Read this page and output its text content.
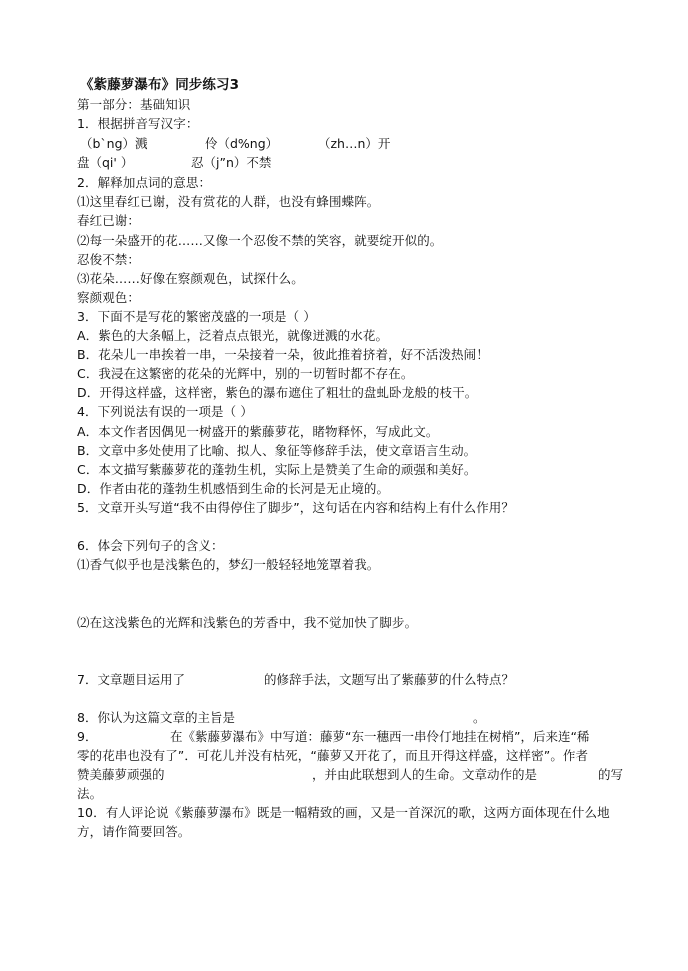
《紫藤萝瀑布》同步练习3
第一部分：基础知识
1．根据拼音写汉字：
（b`ng）溅	伶（d%ng）	（zh…n）开
盘（qi' ）	忍（j”n）不禁
2．解释加点词的意思：
⑴这里春红已谢，没有赏花的人群，也没有蜂围蝶阵。
春红已谢：
⑵每一朵盛开的花……又像一个忍俊不禁的笑容，就要绽开似的。
忍俊不禁：
⑶花朵……好像在察颜观色，试探什么。
察颜观色：
3．下面不是写花的繁密茂盛的一项是（ ）
A．紫色的大条幅上，泛着点点银光，就像迸溅的水花。
B．花朵儿一串挨着一串，一朵接着一朵，彼此推着挤着，好不活泼热闹！
C．我浸在这繁密的花朵的光辉中，别的一切暂时都不存在。
D．开得这样盛，这样密，紫色的瀑布遮住了粗壮的盘虬卧龙般的枝干。
4．下列说法有误的一项是（ ）
A．本文作者因偶见一树盛开的紫藤萝花，睹物释怀，写成此文。
B．文章中多处使用了比喻、拟人、象征等修辞手法，使文章语言生动。
C．本文描写紫藤萝花的蓬勃生机，实际上是赞美了生命的顽强和美好。
D．作者由花的蓬勃生机感悟到生命的长河是无止境的。
5．文章开头写道“我不由得停住了脚步”，这句话在内容和结构上有什么作用？
6．体会下列句子的含义：
⑴香气似乎也是浅紫色的，梦幻一般轻轻地笼罩着我。
⑵在这浅紫色的光辉和浅紫色的芳香中，我不觉加快了脚步。
7．文章题目运用了	的修辞手法，文题写出了紫藤萝的什么特点？
8．你认为这篇文章的主旨是	。
9．	在《紫藤萝瀑布》中写道：藤萝“东一穗西一串伶仃地挂在树梢”，后来连“稀
零的花串也没有了”．可花儿并没有枯死，“藤萝又开花了，而且开得这样盛，这样密”。作者
赞美藤萝顽强的	，并由此联想到人的生命。文章动作的是	的写
法。
10．有人评论说《紫藤萝瀑布》既是一幅精致的画，又是一首深沉的歌，这两方面体现在什么地
方，请作简要回答。
